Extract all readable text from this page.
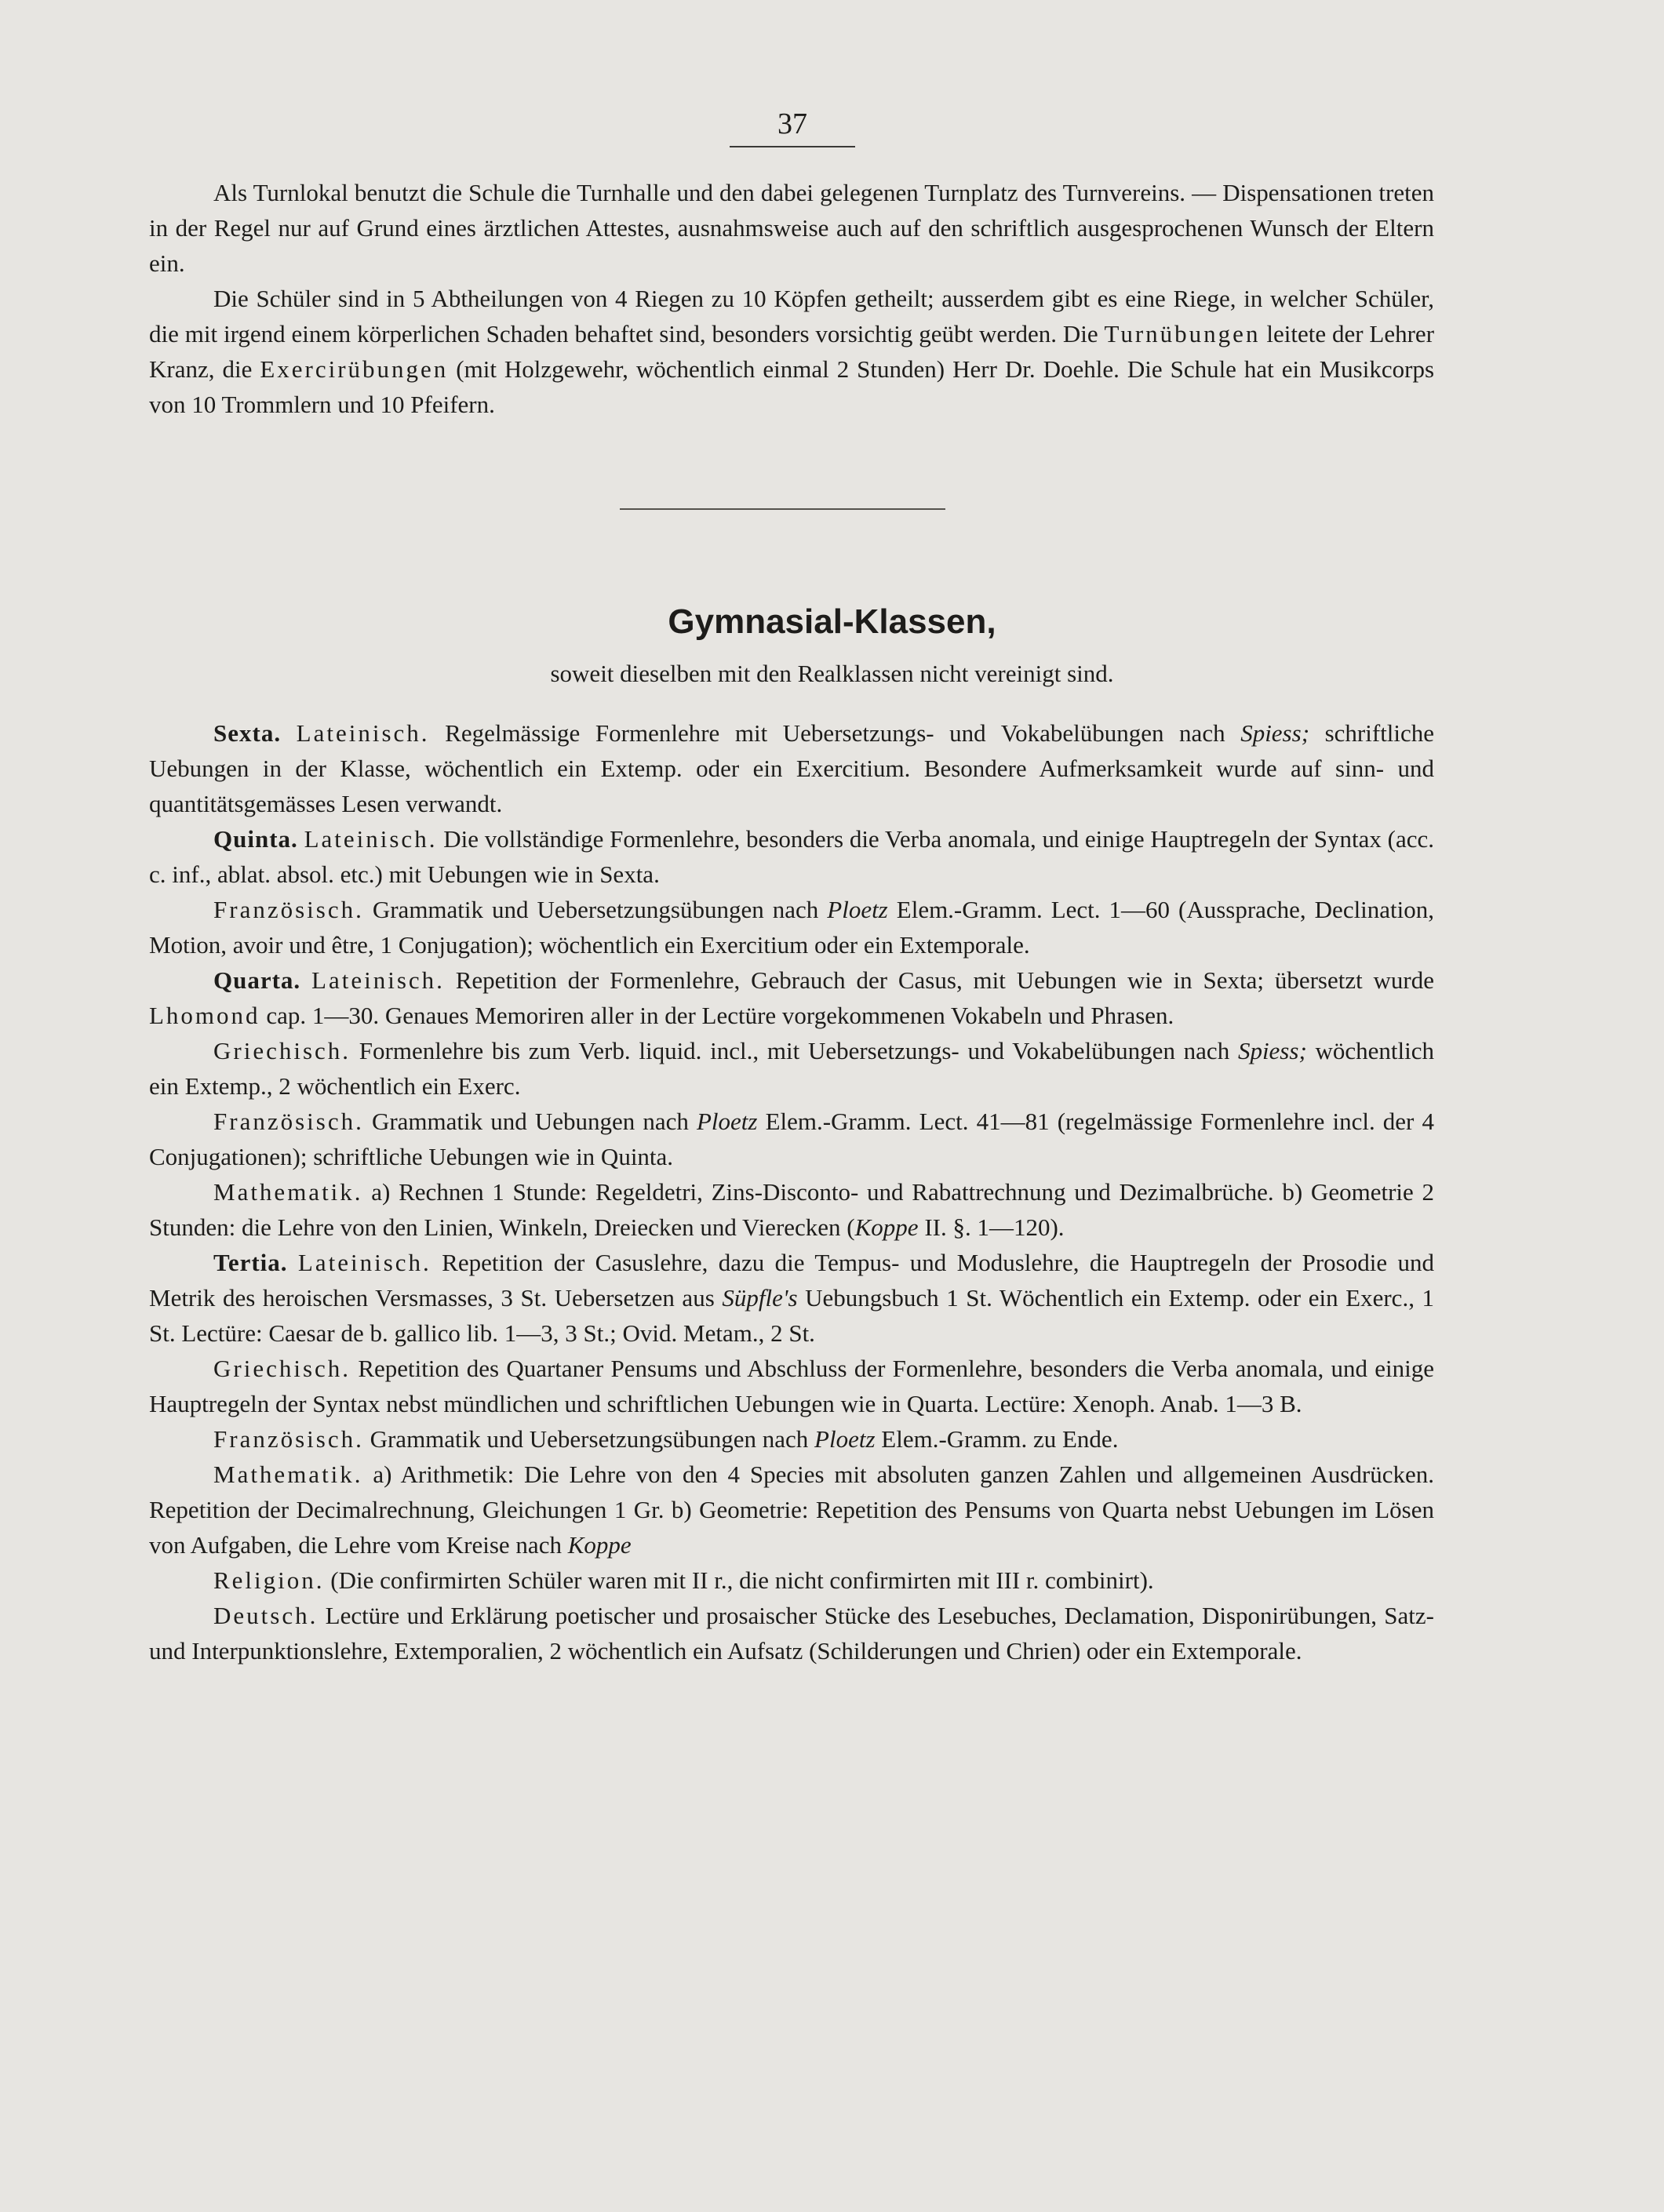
37

Als Turnlokal benutzt die Schule die Turnhalle und den dabei gelegenen Turnplatz des Turnvereins. — Dispensationen treten in der Regel nur auf Grund eines ärztlichen Attestes, ausnahmsweise auch auf den schriftlich ausgesprochenen Wunsch der Eltern ein.

Die Schüler sind in 5 Abtheilungen von 4 Riegen zu 10 Köpfen getheilt; ausserdem gibt es eine Riege, in welcher Schüler, die mit irgend einem körperlichen Schaden behaftet sind, besonders vorsichtig geübt werden. Die Turnübungen leitete der Lehrer Kranz, die Exercirübungen (mit Holzgewehr, wöchentlich einmal 2 Stunden) Herr Dr. Doehle. Die Schule hat ein Musikcorps von 10 Trommlern und 10 Pfeifern.

Gymnasial-Klassen,
soweit dieselben mit den Realklassen nicht vereinigt sind.

Sexta. Lateinisch. Regelmässige Formenlehre mit Uebersetzungs- und Vokabelübungen nach Spiess; schriftliche Uebungen in der Klasse, wöchentlich ein Extemp. oder ein Exercitium. Besondere Aufmerksamkeit wurde auf sinn- und quantitätsgemässes Lesen verwandt.

Quinta. Lateinisch. Die vollständige Formenlehre, besonders die Verba anomala, und einige Hauptregeln der Syntax (acc. c. inf., ablat. absol. etc.) mit Uebungen wie in Sexta.

Französisch. Grammatik und Uebersetzungsübungen nach Ploetz Elem.-Gramm. Lect. 1—60 (Aussprache, Declination, Motion, avoir und être, 1 Conjugation); wöchentlich ein Exercitium oder ein Extemporale.

Quarta. Lateinisch. Repetition der Formenlehre, Gebrauch der Casus, mit Uebungen wie in Sexta; übersetzt wurde Lhomond cap. 1—30. Genaues Memoriren aller in der Lectüre vorgekommenen Vokabeln und Phrasen.

Griechisch. Formenlehre bis zum Verb. liquid. incl., mit Uebersetzungs- und Vokabelübungen nach Spiess; wöchentlich ein Extemp., 2 wöchentlich ein Exerc.

Französisch. Grammatik und Uebungen nach Ploetz Elem.-Gramm. Lect. 41—81 (regelmässige Formenlehre incl. der 4 Conjugationen); schriftliche Uebungen wie in Quinta.

Mathematik. a) Rechnen 1 Stunde: Regeldetri, Zins-Disconto- und Rabattrechnung und Dezimalbrüche. b) Geometrie 2 Stunden: die Lehre von den Linien, Winkeln, Dreiecken und Vierecken (Koppe II. §. 1—120).

Tertia. Lateinisch. Repetition der Casuslehre, dazu die Tempus- und Moduslehre, die Hauptregeln der Prosodie und Metrik des heroischen Versmasses, 3 St. Uebersetzen aus Süpfle's Uebungsbuch 1 St. Wöchentlich ein Extemp. oder ein Exerc., 1 St. Lectüre: Caesar de b. gallico lib. 1—3, 3 St.; Ovid. Metam., 2 St.

Griechisch. Repetition des Quartaner Pensums und Abschluss der Formenlehre, besonders die Verba anomala, und einige Hauptregeln der Syntax nebst mündlichen und schriftlichen Uebungen wie in Quarta. Lectüre: Xenoph. Anab. 1—3 B.

Französisch. Grammatik und Uebersetzungsübungen nach Ploetz Elem.-Gramm. zu Ende.

Mathematik. a) Arithmetik: Die Lehre von den 4 Species mit absoluten ganzen Zahlen und allgemeinen Ausdrücken. Repetition der Decimalrechnung, Gleichungen 1 Gr. b) Geometrie: Repetition des Pensums von Quarta nebst Uebungen im Lösen von Aufgaben, die Lehre vom Kreise nach Koppe

Religion. (Die confirmirten Schüler waren mit II r., die nicht confirmirten mit III r. combinirt).

Deutsch. Lectüre und Erklärung poetischer und prosaischer Stücke des Lesebuches, Declamation, Disponirübungen, Satz- und Interpunktionslehre, Extemporalien, 2 wöchentlich ein Aufsatz (Schilderungen und Chrien) oder ein Extemporale.
